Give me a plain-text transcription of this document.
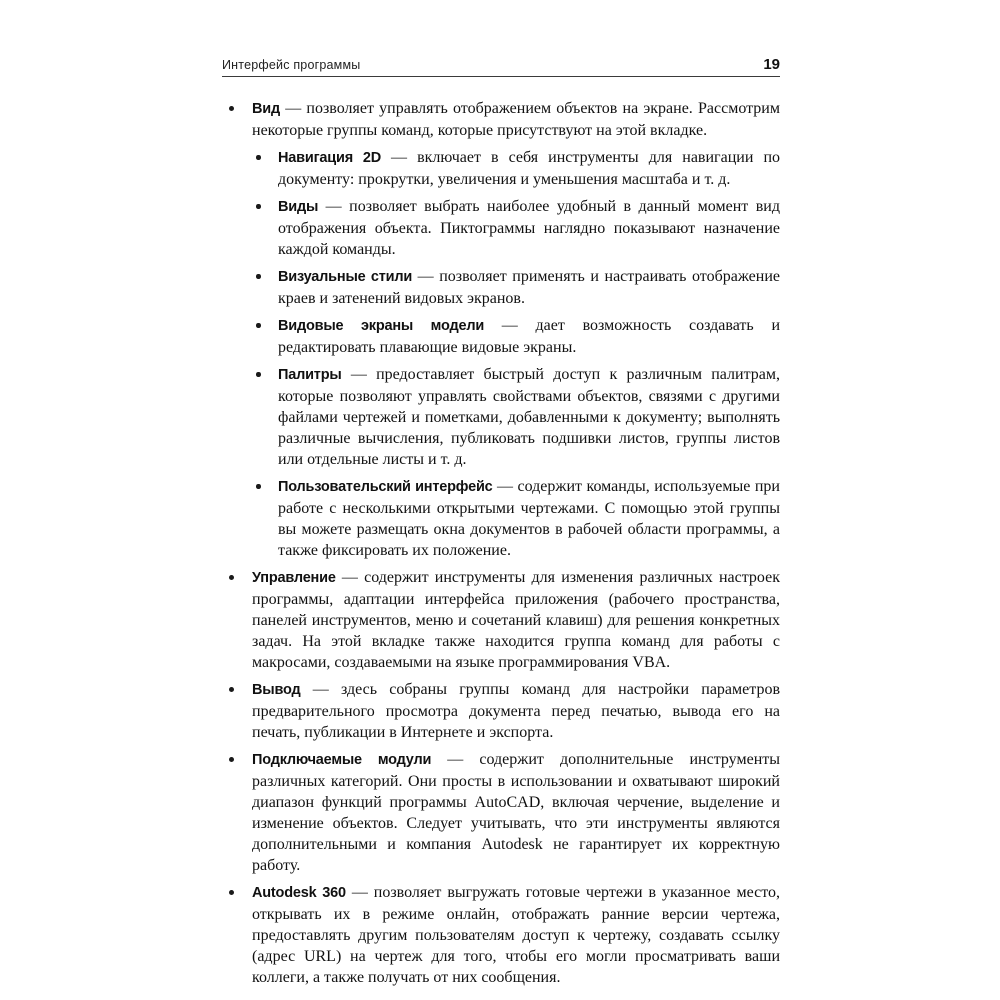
Интерфейс программы	19
Вид — позволяет управлять отображением объектов на экране. Рассмотрим некоторые группы команд, которые присутствуют на этой вкладке.
Навигация 2D — включает в себя инструменты для навигации по документу: прокрутки, увеличения и уменьшения масштаба и т. д.
Виды — позволяет выбрать наиболее удобный в данный момент вид отображения объекта. Пиктограммы наглядно показывают назначение каждой команды.
Визуальные стили — позволяет применять и настраивать отображение краев и затенений видовых экранов.
Видовые экраны модели — дает возможность создавать и редактировать плавающие видовые экраны.
Палитры — предоставляет быстрый доступ к различным палитрам, которые позволяют управлять свойствами объектов, связями с другими файлами чертежей и пометками, добавленными к документу; выполнять различные вычисления, публиковать подшивки листов, группы листов или отдельные листы и т. д.
Пользовательский интерфейс — содержит команды, используемые при работе с несколькими открытыми чертежами. С помощью этой группы вы можете размещать окна документов в рабочей области программы, а также фиксировать их положение.
Управление — содержит инструменты для изменения различных настроек программы, адаптации интерфейса приложения (рабочего пространства, панелей инструментов, меню и сочетаний клавиш) для решения конкретных задач. На этой вкладке также находится группа команд для работы с макросами, создаваемыми на языке программирования VBA.
Вывод — здесь собраны группы команд для настройки параметров предварительного просмотра документа перед печатью, вывода его на печать, публикации в Интернете и экспорта.
Подключаемые модули — содержит дополнительные инструменты различных категорий. Они просты в использовании и охватывают широкий диапазон функций программы AutoCAD, включая черчение, выделение и изменение объектов. Следует учитывать, что эти инструменты являются дополнительными и компания Autodesk не гарантирует их корректную работу.
Autodesk 360 — позволяет выгружать готовые чертежи в указанное место, открывать их в режиме онлайн, отображать ранние версии чертежа, предоставлять другим пользователям доступ к чертежу, создавать ссылку (адрес URL) на чертеж для того, чтобы его могли просматривать ваши коллеги, а также получать от них сообщения.
